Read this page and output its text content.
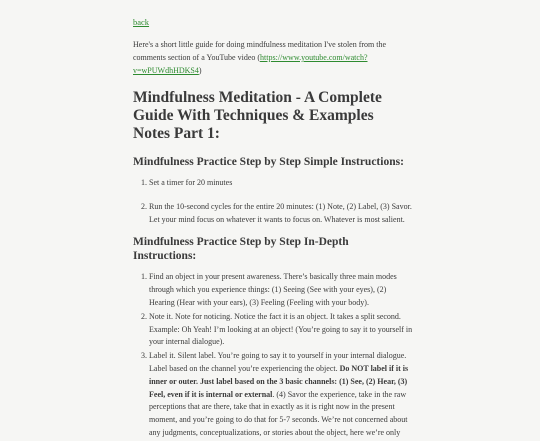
back

Here's a short little guide for doing mindfulness meditation I've stolen from the comments section of a YouTube video (https://www.youtube.com/watch?v=wPUWdhHDKS4)

Mindfulness Meditation - A Complete Guide With Techniques & Examples Notes Part 1:
Mindfulness Practice Step by Step Simple Instructions:
1. Set a timer for 20 minutes
2. Run the 10-second cycles for the entire 20 minutes: (1) Note, (2) Label, (3) Savor. Let your mind focus on whatever it wants to focus on. Whatever is most salient.
Mindfulness Practice Step by Step In-Depth Instructions:
1. Find an object in your present awareness. There’s basically three main modes through which you experience things: (1) Seeing (See with your eyes), (2) Hearing (Hear with your ears), (3) Feeling (Feeling with your body).
2. Note it. Note for noticing. Notice the fact it is an object. It takes a split second. Example: Oh Yeah! I’m looking at an object! (You’re going to say it to yourself in your internal dialogue).
3. Label it. Silent label. You’re going to say it to yourself in your internal dialogue. Label based on the channel you’re experiencing the object. Do NOT label if it is inner or outer. Just label based on the 3 basic channels: (1) See, (2) Hear, (3) Feel, even if it is internal or external. (4) Savor the experience, take in the raw perceptions that are there, take that in exactly as it is right now in the present moment, and you’re going to do that for 5-7 seconds. We’re not concerned about any judgments, conceptualizations, or stories about the object, here we’re only
